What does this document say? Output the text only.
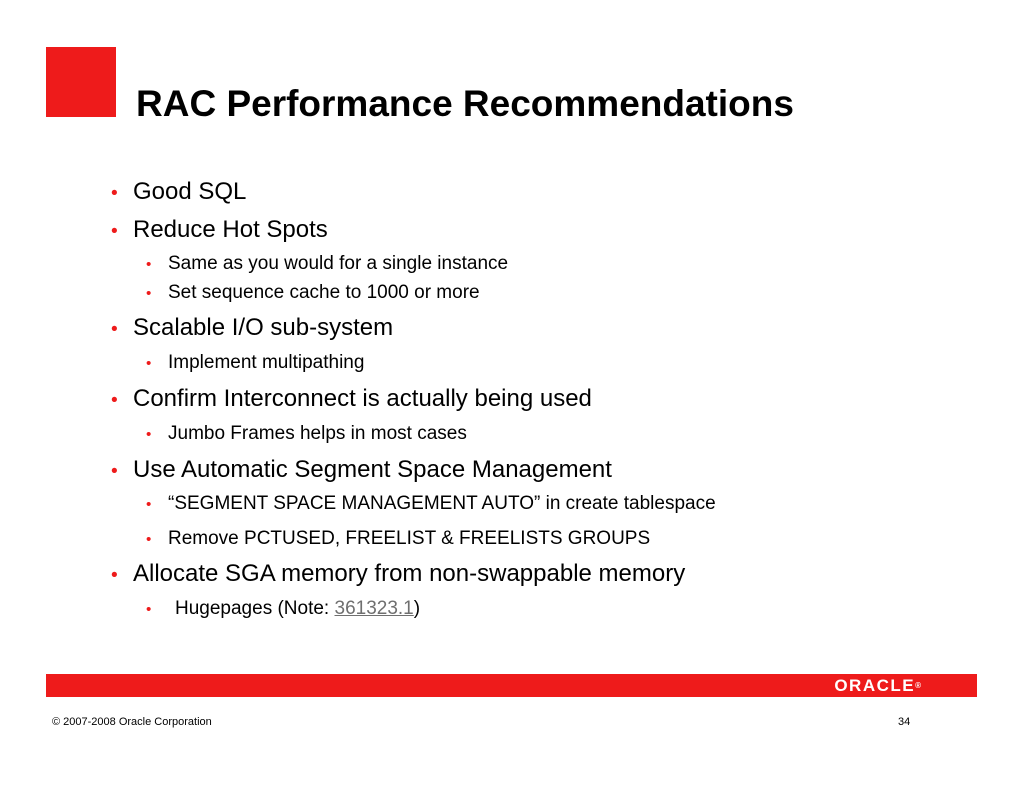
RAC Performance Recommendations
• Good SQL
• Reduce Hot Spots
• Same as you would for a single instance
• Set sequence cache to 1000 or more
• Scalable I/O sub-system
• Implement multipathing
• Confirm Interconnect is actually being used
• Jumbo Frames helps in most cases
• Use Automatic Segment Space Management
• “SEGMENT SPACE MANAGEMENT AUTO” in create tablespace
• Remove PCTUSED, FREELIST & FREELISTS GROUPS
• Allocate SGA memory from non-swappable memory
• Hugepages (Note: 361323.1)
ORACLE®
© 2007-2008 Oracle Corporation	34
